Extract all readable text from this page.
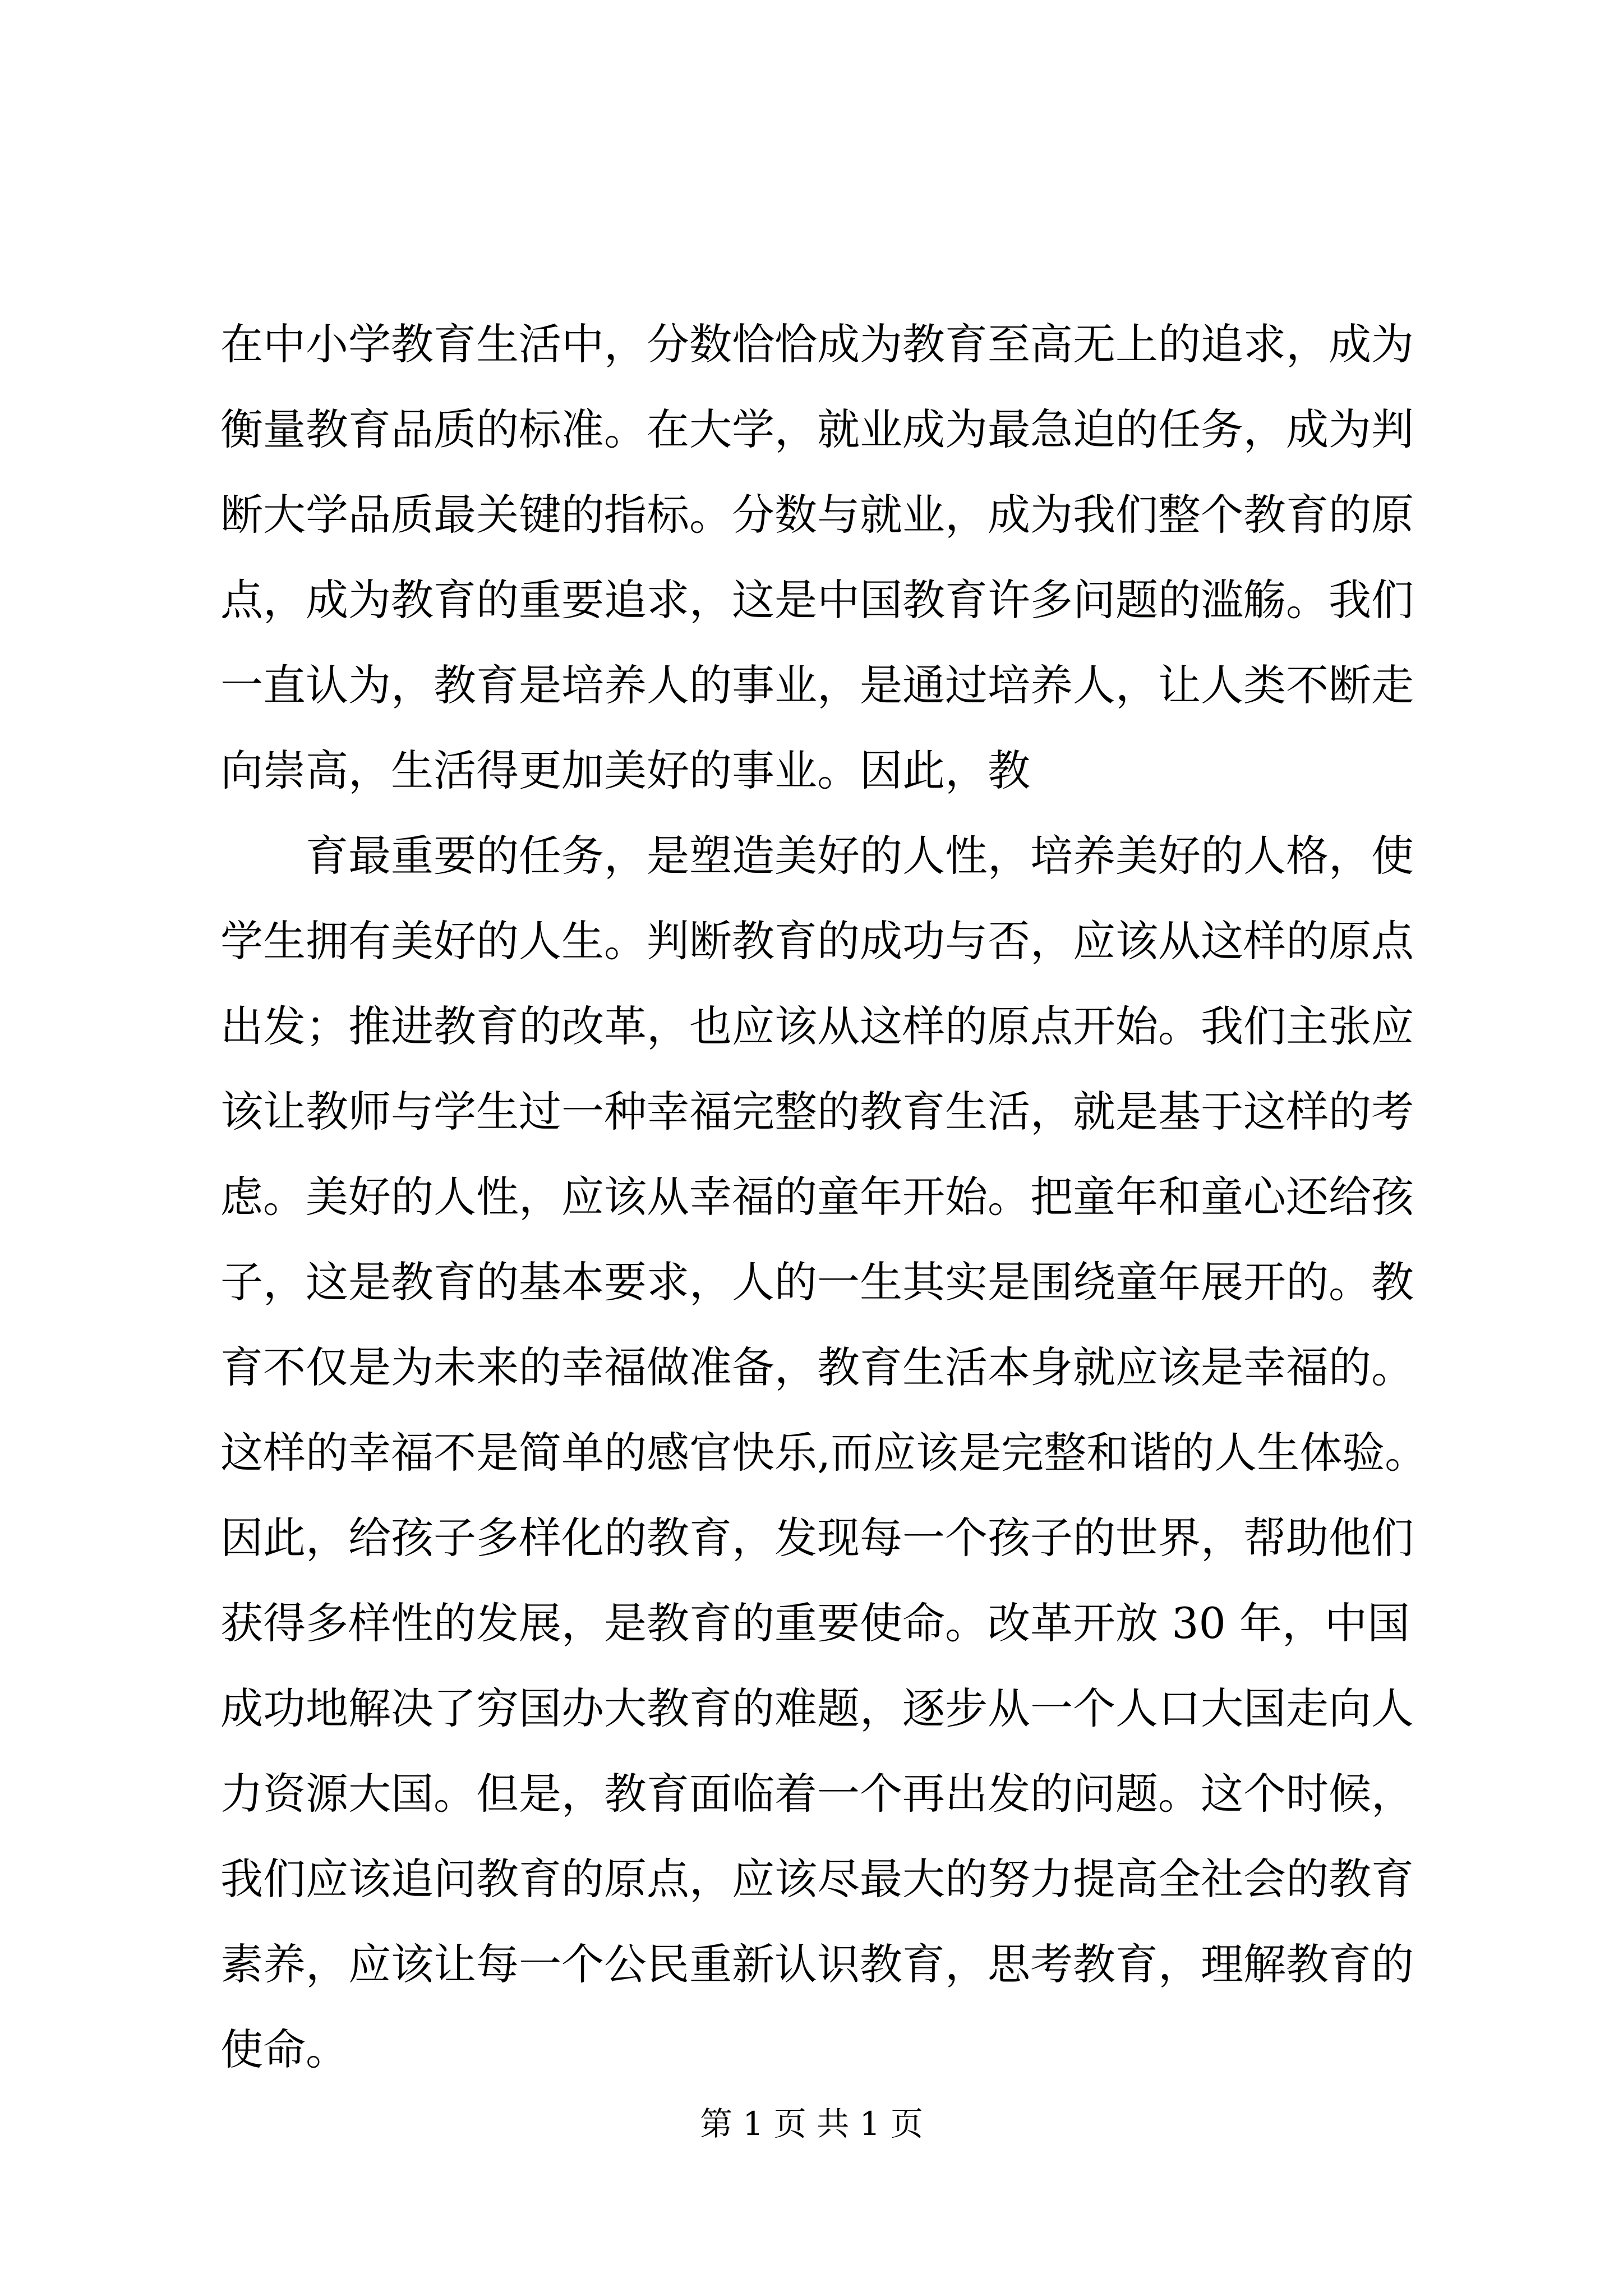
在中小学教育生活中，分数恰恰成为教育至高无上的追求，成为
衡量教育品质的标准。在大学，就业成为最急迫的任务，成为判
断大学品质最关键的指标。分数与就业，成为我们整个教育的原
点，成为教育的重要追求，这是中国教育许多问题的滥觞。我们
一直认为，教育是培养人的事业，是通过培养人，让人类不断走
向崇高，生活得更加美好的事业。因此，教
　　育最重要的任务，是塑造美好的人性，培养美好的人格，使
学生拥有美好的人生。判断教育的成功与否，应该从这样的原点
出发；推进教育的改革，也应该从这样的原点开始。我们主张应
该让教师与学生过一种幸福完整的教育生活，就是基于这样的考
虑。美好的人性，应该从幸福的童年开始。把童年和童心还给孩
子，这是教育的基本要求，人的一生其实是围绕童年展开的。教
育不仅是为未来的幸福做准备，教育生活本身就应该是幸福的。
这样的幸福不是简单的感官快乐,而应该是完整和谐的人生体验。
因此，给孩子多样化的教育，发现每一个孩子的世界，帮助他们
获得多样性的发展，是教育的重要使命。改革开放 30 年，中国
成功地解决了穷国办大教育的难题，逐步从一个人口大国走向人
力资源大国。但是，教育面临着一个再出发的问题。这个时候，
我们应该追问教育的原点，应该尽最大的努力提高全社会的教育
素养，应该让每一个公民重新认识教育，思考教育，理解教育的
使命。
第 1 页 共 1 页
